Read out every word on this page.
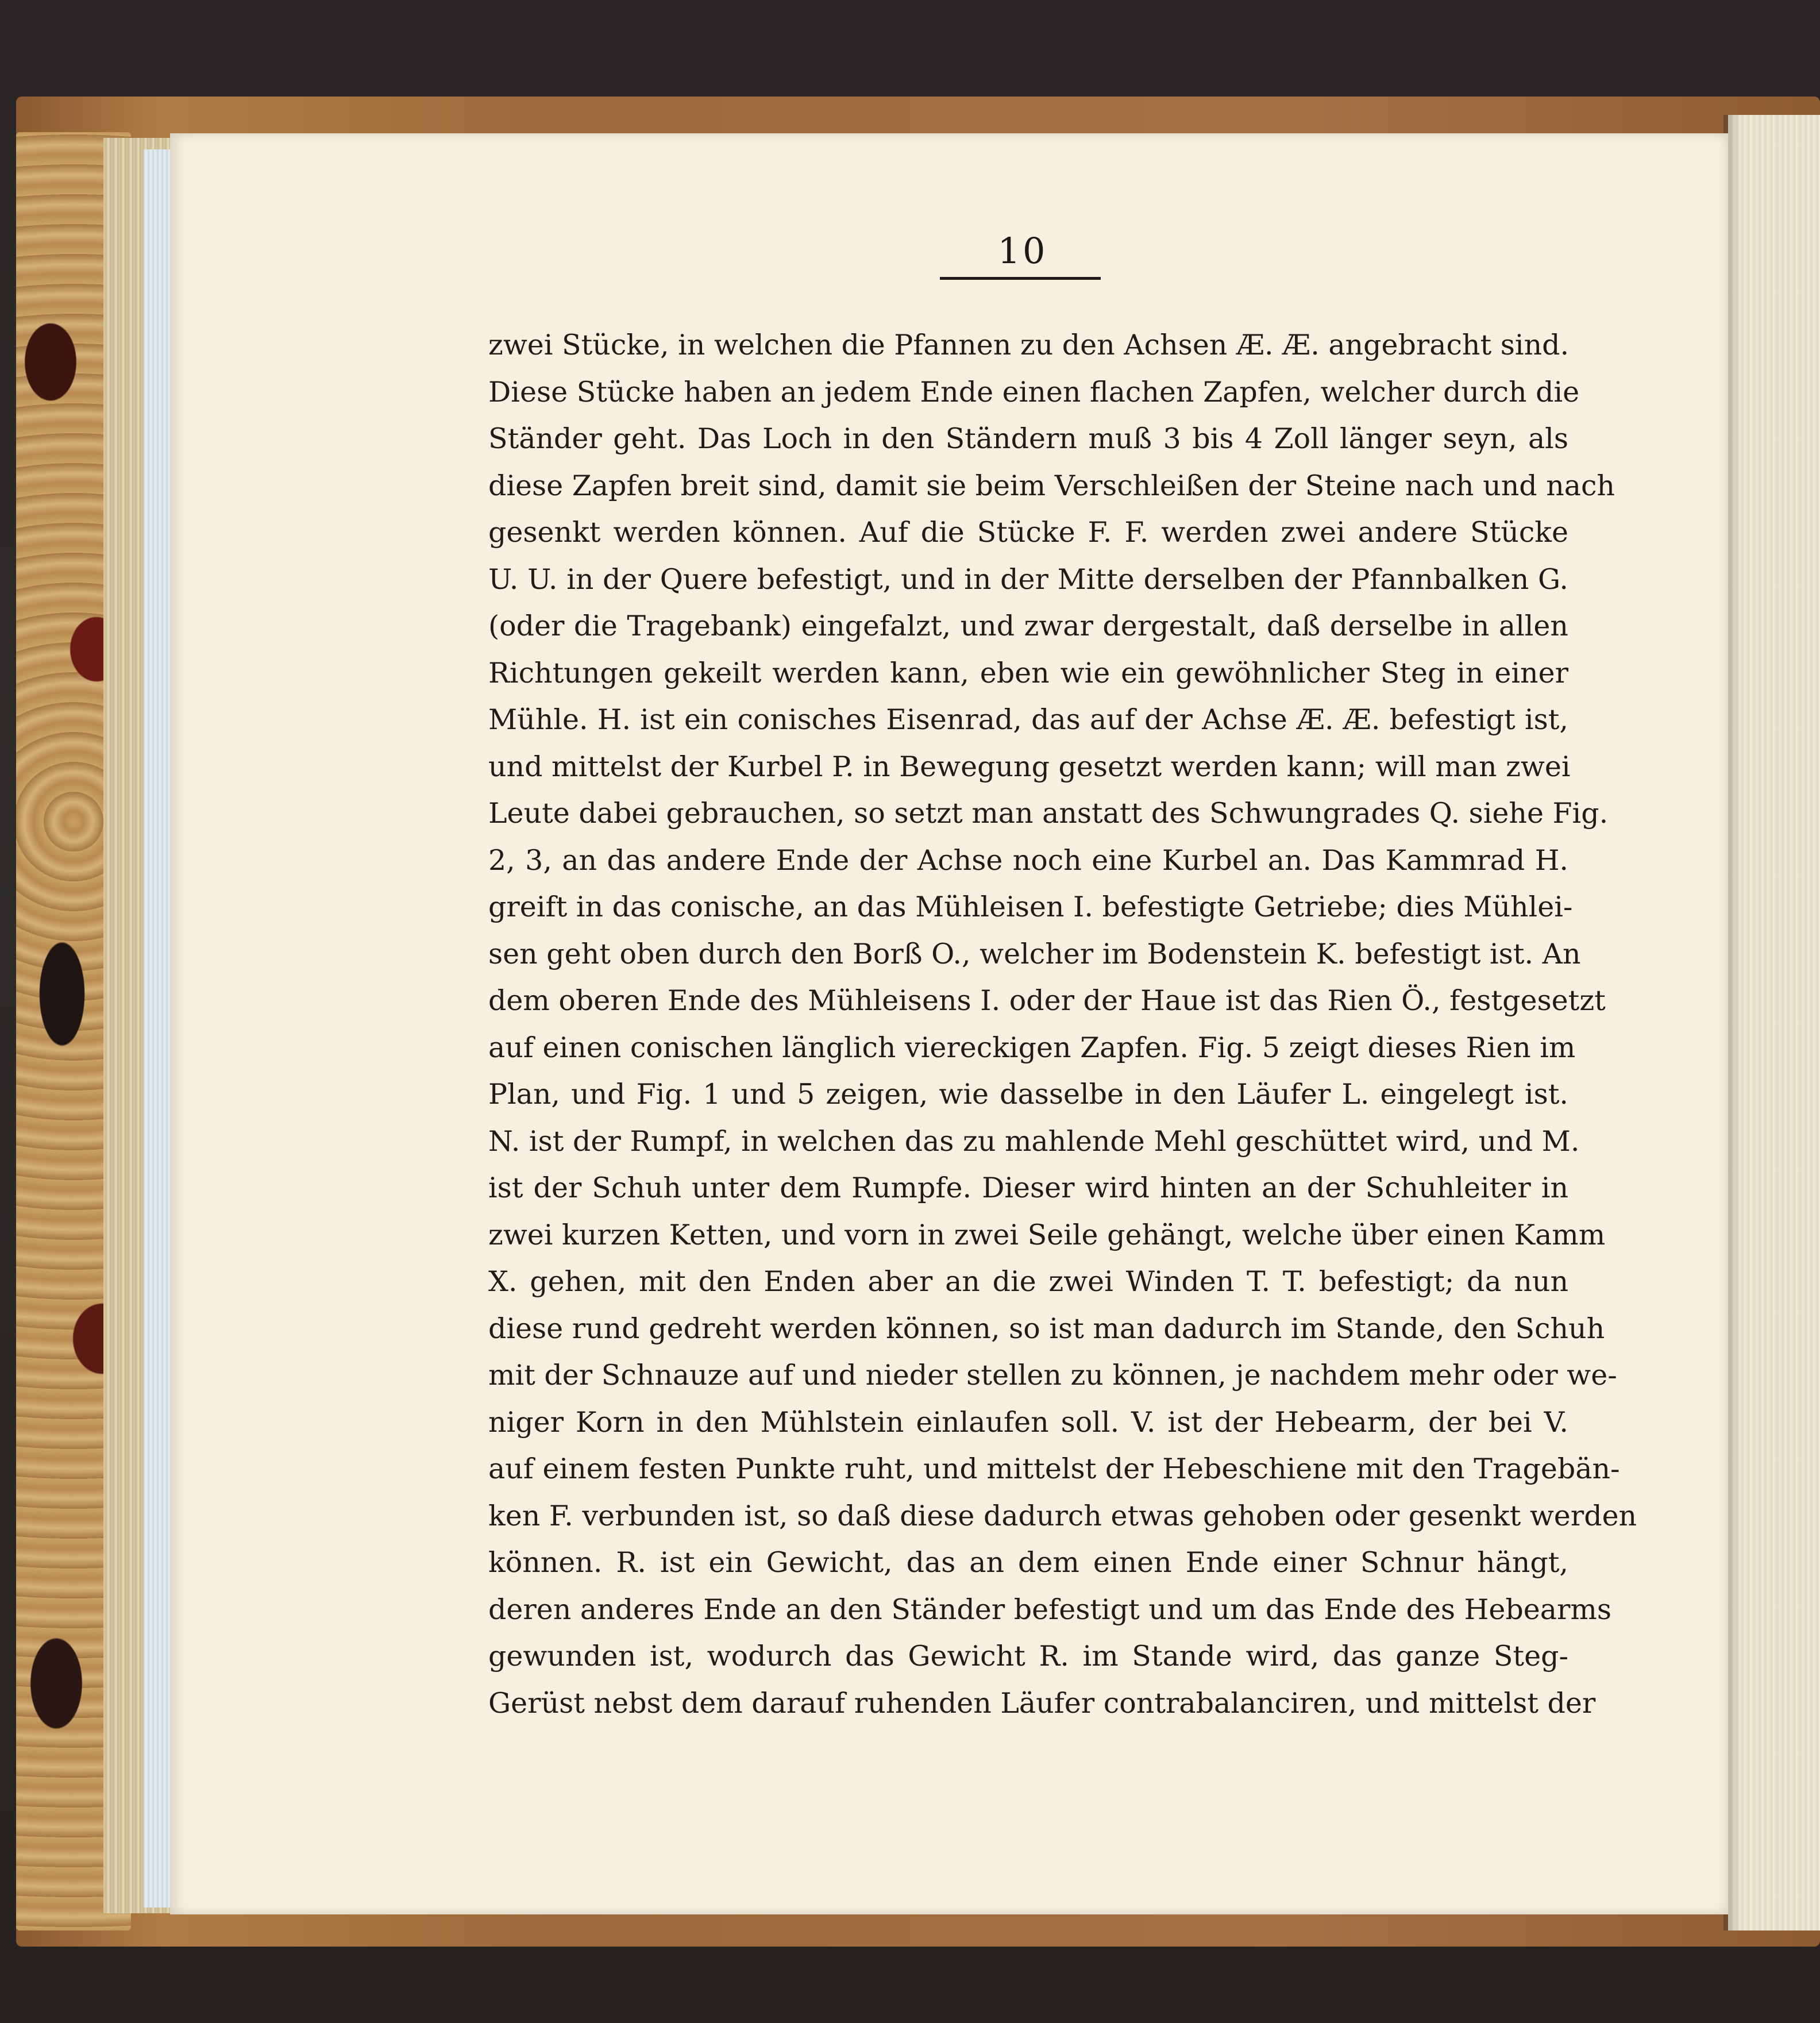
10
zwei Stücke, in welchen die Pfannen zu den Achsen Æ. Æ. angebracht sind.
Diese Stücke haben an jedem Ende einen flachen Zapfen, welcher durch die
Ständer geht. Das Loch in den Ständern muß 3 bis 4 Zoll länger seyn, als
diese Zapfen breit sind, damit sie beim Verschleißen der Steine nach und nach
gesenkt werden können. Auf die Stücke F. F. werden zwei andere Stücke
U. U. in der Quere befestigt, und in der Mitte derselben der Pfannbalken G.
(oder die Tragebank) eingefalzt, und zwar dergestalt, daß derselbe in allen
Richtungen gekeilt werden kann, eben wie ein gewöhnlicher Steg in einer
Mühle. H. ist ein conisches Eisenrad, das auf der Achse Æ. Æ. befestigt ist,
und mittelst der Kurbel P. in Bewegung gesetzt werden kann; will man zwei
Leute dabei gebrauchen, so setzt man anstatt des Schwungrades Q. siehe Fig.
2, 3, an das andere Ende der Achse noch eine Kurbel an. Das Kammrad H.
greift in das conische, an das Mühleisen I. befestigte Getriebe; dies Mühlei-
sen geht oben durch den Borß O., welcher im Bodenstein K. befestigt ist. An
dem oberen Ende des Mühleisens I. oder der Haue ist das Rien Ö., festgesetzt
auf einen conischen länglich viereckigen Zapfen. Fig. 5 zeigt dieses Rien im
Plan, und Fig. 1 und 5 zeigen, wie dasselbe in den Läufer L. eingelegt ist.
N. ist der Rumpf, in welchen das zu mahlende Mehl geschüttet wird, und M.
ist der Schuh unter dem Rumpfe. Dieser wird hinten an der Schuhleiter in
zwei kurzen Ketten, und vorn in zwei Seile gehängt, welche über einen Kamm
X. gehen, mit den Enden aber an die zwei Winden T. T. befestigt; da nun
diese rund gedreht werden können, so ist man dadurch im Stande, den Schuh
mit der Schnauze auf und nieder stellen zu können, je nachdem mehr oder we-
niger Korn in den Mühlstein einlaufen soll. V. ist der Hebearm, der bei V.
auf einem festen Punkte ruht, und mittelst der Hebeschiene mit den Tragebän-
ken F. verbunden ist, so daß diese dadurch etwas gehoben oder gesenkt werden
können. R. ist ein Gewicht, das an dem einen Ende einer Schnur hängt,
deren anderes Ende an den Ständer befestigt und um das Ende des Hebearms
gewunden ist, wodurch das Gewicht R. im Stande wird, das ganze Steg-
Gerüst nebst dem darauf ruhenden Läufer contrabalanciren, und mittelst der
